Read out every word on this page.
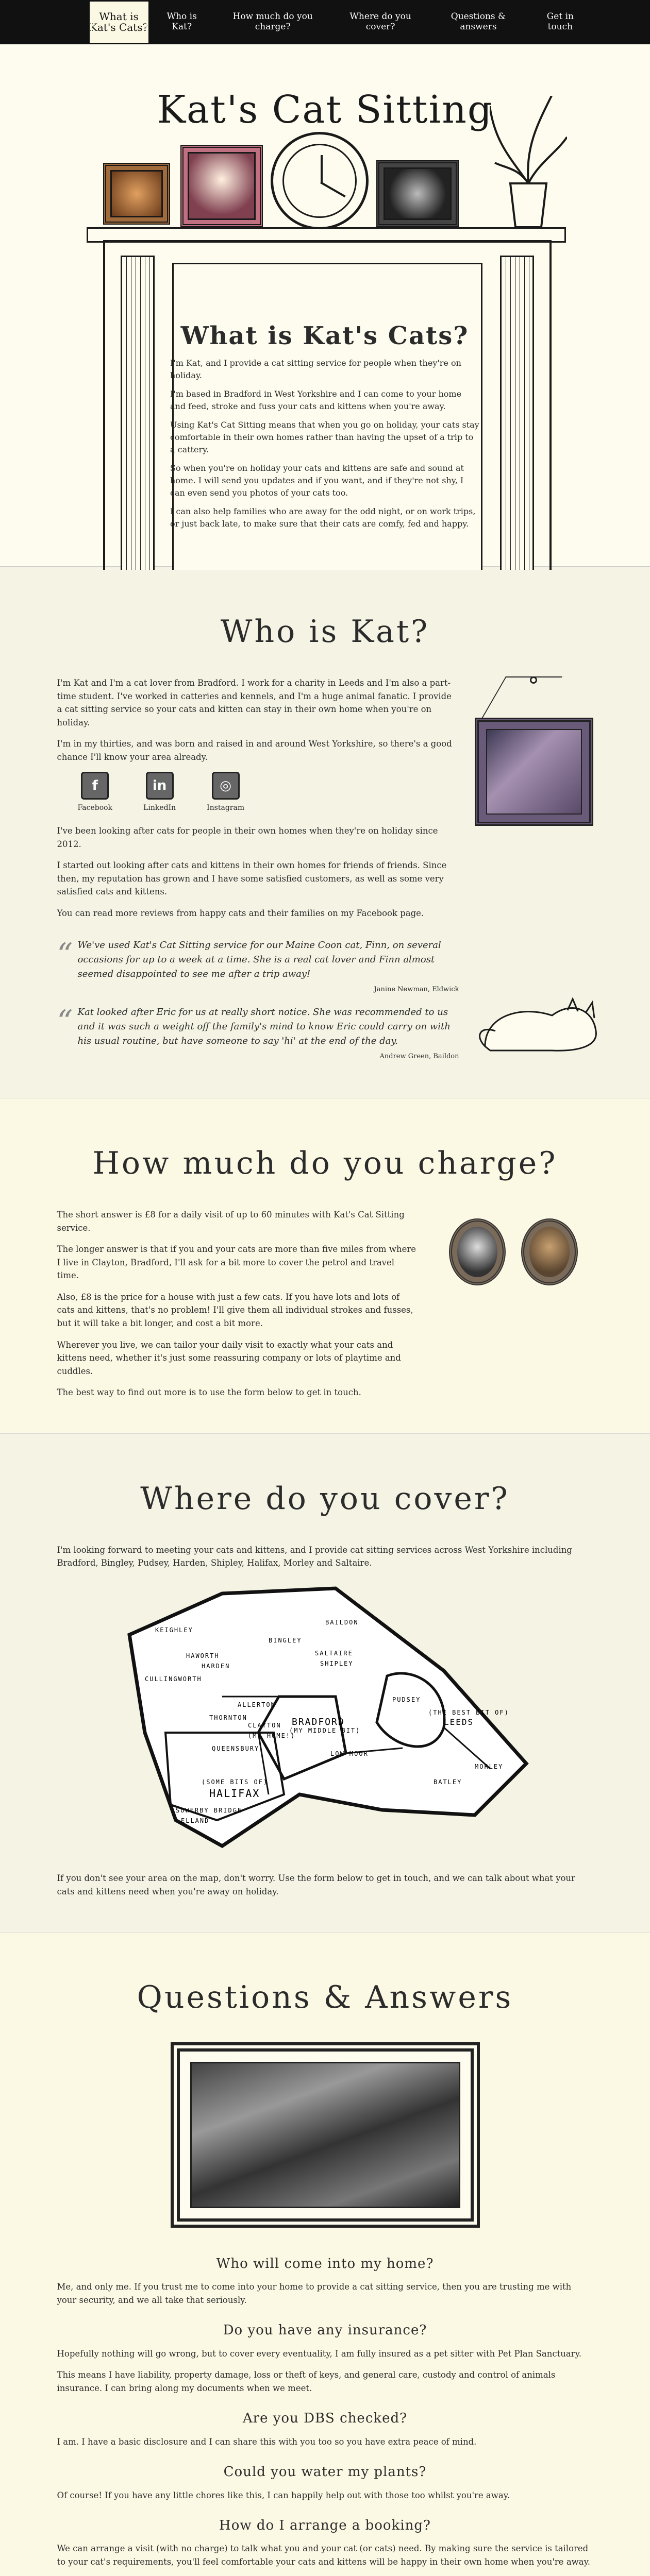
What is Kat's Cats?
Who is Kat?
How much do you charge?
Where do you cover?
Questions & answers
Get in touch
Kat's Cat Sitting
What is Kat's Cats?

I'm Kat, and I provide a cat sitting service for people when they're on holiday.

I'm based in Bradford in West Yorkshire and I can come to your home and feed, stroke and fuss your cats and kittens when you're away.

Using Kat's Cat Sitting means that when you go on holiday, your cats stay comfortable in their own homes rather than having the upset of a trip to a cattery.

So when you're on holiday your cats and kittens are safe and sound at home. I will send you updates and if you want, and if they're not shy, I can even send you photos of your cats too.

I can also help families who are away for the odd night, or on work trips, or just back late, to make sure that their cats are comfy, fed and happy.

Who is Kat?

I'm Kat and I'm a cat lover from Bradford. I work for a charity in Leeds and I'm also a part-time student. I've worked in catteries and kennels, and I'm a huge animal fanatic. I provide a cat sitting service so your cats and kitten can stay in their own home when you're on holiday.

I'm in my thirties, and was born and raised in and around West Yorkshire, so there's a good chance I'll know your area already.

f
Facebook
in
LinkedIn
◎
Instagram

I've been looking after cats for people in their own homes when they're on holiday since 2012.

I started out looking after cats and kittens in their own homes for friends of friends. Since then, my reputation has grown and I have some satisfied customers, as well as some very satisfied cats and kittens.

You can read more reviews from happy cats and their families on my Facebook page.

“ We've used Kat's Cat Sitting service for our Maine Coon cat, Finn, on several occasions for up to a week at a time. She is a real cat lover and Finn almost seemed disappointed to see me after a trip away!
Janine Newman, Eldwick
“ Kat looked after Eric for us at really short notice. She was recommended to us and it was such a weight off the family's mind to know Eric could carry on with his usual routine, but have someone to say 'hi' at the end of the day.
Andrew Green, Baildon
How much do you charge?

The short answer is £8 for a daily visit of up to 60 minutes with Kat's Cat Sitting service.

The longer answer is that if you and your cats are more than five miles from where I live in Clayton, Bradford, I'll ask for a bit more to cover the petrol and travel time.

Also, £8 is the price for a house with just a few cats. If you have lots and lots of cats and kittens, that's no problem! I'll give them all individual strokes and fusses, but it will take a bit longer, and cost a bit more.

Wherever you live, we can tailor your daily visit to exactly what your cats and kittens need, whether it's just some reassuring company or lots of playtime and cuddles.

The best way to find out more is to use the form below to get in touch.

Where do you cover?

I'm looking forward to meeting your cats and kittens, and I provide cat sitting services across West Yorkshire including Bradford, Bingley, Pudsey, Harden, Shipley, Halifax, Morley and Saltaire.

KEIGHLEY
BINGLEY
BAILDON
SALTAIRE
SHIPLEY
HAWORTH
HARDEN
CULLINGWORTH
ALLERTON
THORNTON
(MY HOME!)
CLAYTON
QUEENSBURY
(MY MIDDLE BIT)
BRADFORD
PUDSEY
(THE BEST BIT OF)
LEEDS
LOW MOOR
MORLEY
BATLEY
(SOME BITS OF)
HALIFAX
SOWERBY BRIDGE
ELLAND

If you don't see your area on the map, don't worry. Use the form below to get in touch, and we can talk about what your cats and kittens need when you're away on holiday.

Questions & Answers
Who will come into my home?

Me, and only me. If you trust me to come into your home to provide a cat sitting service, then you are trusting me with your security, and we all take that seriously.

Do you have any insurance?

Hopefully nothing will go wrong, but to cover every eventuality, I am fully insured as a pet sitter with Pet Plan Sanctuary.

This means I have liability, property damage, loss or theft of keys, and general care, custody and control of animals insurance. I can bring along my documents when we meet.

Are you DBS checked?

I am. I have a basic disclosure and I can share this with you too so you have extra peace of mind.

Could you water my plants?

Of course! If you have any little chores like this, I can happily help out with those too whilst you're away.

How do I arrange a booking?

We can arrange a visit (with no charge) to talk what you and your cat (or cats) need. By making sure the service is tailored to your cat's requirements, you'll feel comfortable your cats and kittens will be happy in their own home when you're away.
